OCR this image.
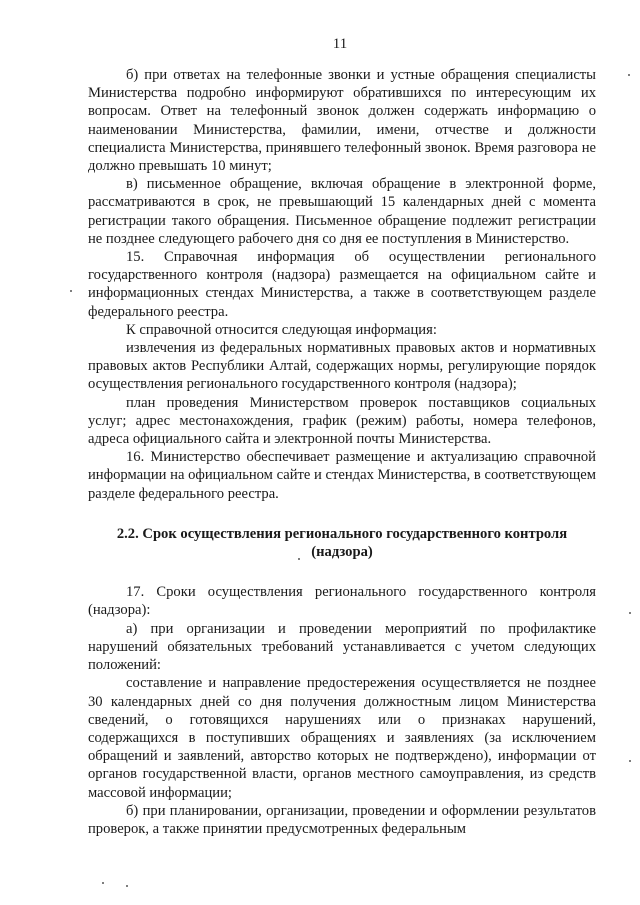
11

б) при ответах на телефонные звонки и устные обращения специалисты Министерства подробно информируют обратившихся по интересующим их вопросам. Ответ на телефонный звонок должен содержать информацию о наименовании Министерства, фамилии, имени, отчестве и должности специалиста Министерства, принявшего телефонный звонок. Время разговора не должно превышать 10 минут;

в) письменное обращение, включая обращение в электронной форме, рассматриваются в срок, не превышающий 15 календарных дней с момента регистрации такого обращения. Письменное обращение подлежит регистрации не позднее следующего рабочего дня со дня ее поступления в Министерство.

15. Справочная информация об осуществлении регионального государственного контроля (надзора) размещается на официальном сайте и информационных стендах Министерства, а также в соответствующем разделе федерального реестра.

К справочной относится следующая информация:

извлечения из федеральных нормативных правовых актов и нормативных правовых актов Республики Алтай, содержащих нормы, регулирующие порядок осуществления регионального государственного контроля (надзора);

план проведения Министерством проверок поставщиков социальных услуг; адрес местонахождения, график (режим) работы, номера телефонов, адреса официального сайта и электронной почты Министерства.

16. Министерство обеспечивает размещение и актуализацию справочной информации на официальном сайте и стендах Министерства, в соответствующем разделе федерального реестра.

2.2. Срок осуществления регионального государственного контроля (надзора)

17. Сроки осуществления регионального государственного контроля (надзора):

а) при организации и проведении мероприятий по профилактике нарушений обязательных требований устанавливается с учетом следующих положений:

составление и направление предостережения осуществляется не позднее 30 календарных дней со дня получения должностным лицом Министерства сведений, о готовящихся нарушениях или о признаках нарушений, содержащихся в поступивших обращениях и заявлениях (за исключением обращений и заявлений, авторство которых не подтверждено), информации от органов государственной власти, органов местного самоуправления, из средств массовой информации;

б) при планировании, организации, проведении и оформлении результатов проверок, а также принятии предусмотренных федеральным
